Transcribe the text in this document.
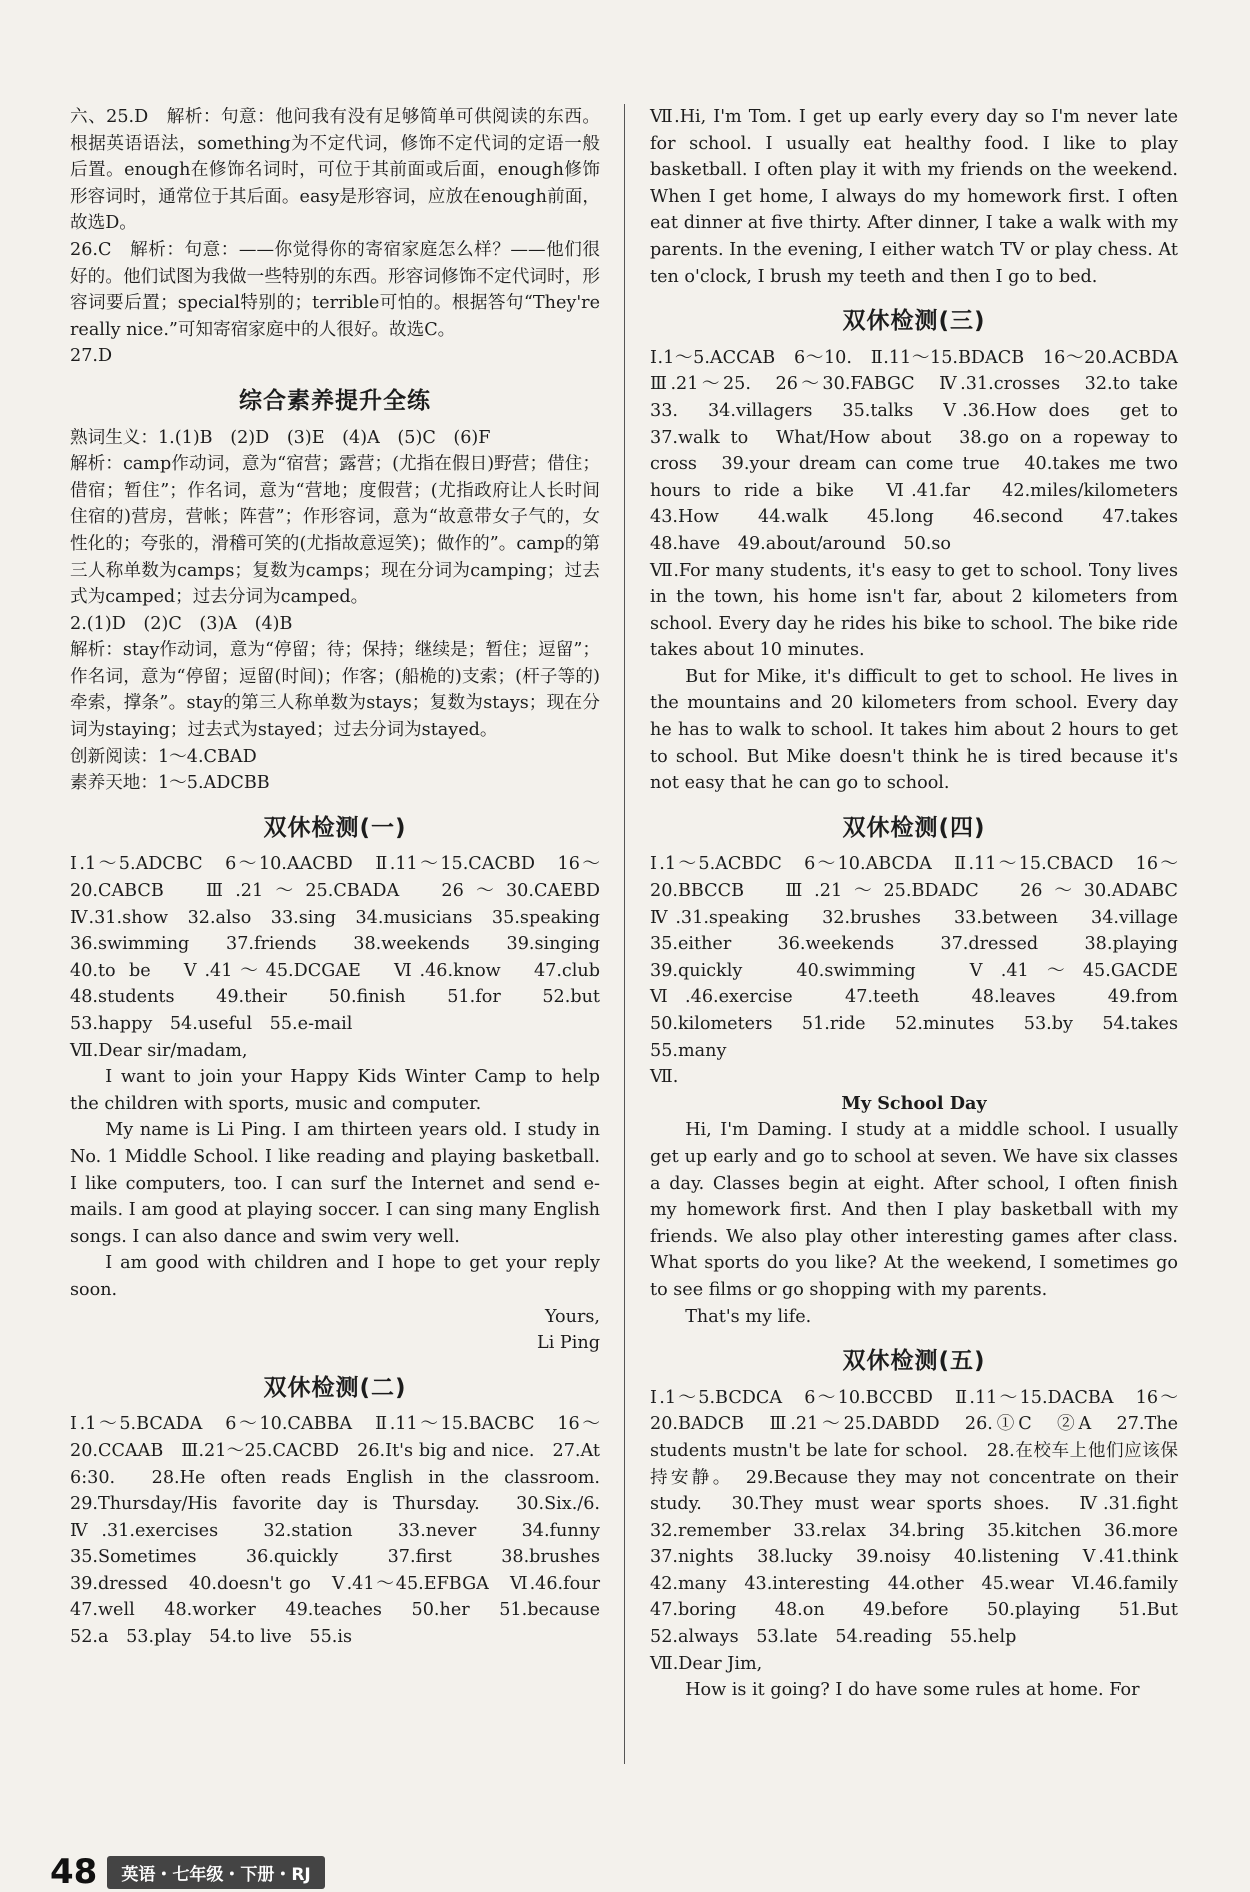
六、25.D　解析：句意：他问我有没有足够简单可供阅读的东西。根据英语语法，something为不定代词，修饰不定代词的定语一般后置。enough在修饰名词时，可位于其前面或后面，enough修饰形容词时，通常位于其后面。easy是形容词，应放在enough前面，故选D。

26.C　解析：句意：——你觉得你的寄宿家庭怎么样？——他们很好的。他们试图为我做一些特别的东西。形容词修饰不定代词时，形容词要后置；special特别的；terrible可怕的。根据答句“They're really nice.”可知寄宿家庭中的人很好。故选C。

27.D

综合素养提升全练

熟词生义：1.(1)B　(2)D　(3)E　(4)A　(5)C　(6)F

解析：camp作动词，意为“宿营；露营；(尤指在假日)野营；借住；借宿；暂住”；作名词，意为“营地；度假营；(尤指政府让人长时间住宿的)营房，营帐；阵营”；作形容词，意为“故意带女子气的，女性化的；夸张的，滑稽可笑的(尤指故意逗笑)；做作的”。camp的第三人称单数为camps；复数为camps；现在分词为camping；过去式为camped；过去分词为camped。

2.(1)D　(2)C　(3)A　(4)B

解析：stay作动词，意为“停留；待；保持；继续是；暂住；逗留”；作名词，意为“停留；逗留(时间)；作客；(船桅的)支索；(杆子等的)牵索，撑条”。stay的第三人称单数为stays；复数为stays；现在分词为staying；过去式为stayed；过去分词为stayed。

创新阅读：1～4.CBAD

素养天地：1～5.ADCBB

双休检测(一)

Ⅰ.1～5.ADCBC　6～10.AACBD　Ⅱ.11～15.CACBD　16～20.CABCB　Ⅲ.21～25.CBADA　26～30.CAEBD　Ⅳ.31.show　32.also　33.sing　34.musicians　35.speaking　36.swimming　37.friends　38.weekends　39.singing　40.to be　Ⅴ.41～45.DCGAE　Ⅵ.46.know　47.club　48.students　49.their　50.finish　51.for　52.but　53.happy　54.useful　55.e-mail

Ⅶ.Dear sir/madam,

I want to join your Happy Kids Winter Camp to help the children with sports, music and computer.

My name is Li Ping. I am thirteen years old. I study in No. 1 Middle School. I like reading and playing basketball. I like computers, too. I can surf the Internet and send e-mails. I am good at playing soccer. I can sing many English songs. I can also dance and swim very well.

I am good with children and I hope to get your reply soon.

Yours,

Li Ping

双休检测(二)

Ⅰ.1～5.BCADA　6～10.CABBA　Ⅱ.11～15.BACBC　16～20.CCAAB　Ⅲ.21～25.CACBD　26.It's big and nice.　27.At 6:30.　28.He often reads English in the classroom.　29.Thursday/His favorite day is Thursday.　30.Six./6.　Ⅳ.31.exercises　32.station　33.never　34.funny　35.Sometimes　36.quickly　37.first　38.brushes　39.dressed　40.doesn't go　Ⅴ.41～45.EFBGA　Ⅵ.46.four　47.well　48.worker　49.teaches　50.her　51.because　52.a　53.play　54.to live　55.is

Ⅶ.Hi, I'm Tom. I get up early every day so I'm never late for school. I usually eat healthy food. I like to play basketball. I often play it with my friends on the weekend. When I get home, I always do my homework first. I often eat dinner at five thirty. After dinner, I take a walk with my parents. In the evening, I either watch TV or play chess. At ten o'clock, I brush my teeth and then I go to bed.

双休检测(三)

Ⅰ.1～5.ACCAB　6～10.　Ⅱ.11～15.BDACB　16～20.ACBDA　Ⅲ.21～25.　26～30.FABGC　Ⅳ.31.crosses　32.to take　33.　34.villagers　35.talks　Ⅴ.36.How does　get to　37.walk to　What/How about　38.go on a ropeway to cross　39.your dream can come true　40.takes me two hours to ride a bike　Ⅵ.41.far　42.miles/kilometers　43.How　44.walk　45.long　46.second　47.takes　48.have　49.about/around　50.so

Ⅶ.For many students, it's easy to get to school. Tony lives in the town, his home isn't far, about 2 kilometers from school. Every day he rides his bike to school. The bike ride takes about 10 minutes.

But for Mike, it's difficult to get to school. He lives in the mountains and 20 kilometers from school. Every day he has to walk to school. It takes him about 2 hours to get to school. But Mike doesn't think he is tired because it's not easy that he can go to school.

双休检测(四)

Ⅰ.1～5.ACBDC　6～10.ABCDA　Ⅱ.11～15.CBACD　16～20.BBCCB　Ⅲ.21～25.BDADC　26～30.ADABC　Ⅳ.31.speaking　32.brushes　33.between　34.village　35.either　36.weekends　37.dressed　38.playing　39.quickly　40.swimming　Ⅴ.41～45.GACDE　Ⅵ.46.exercise　47.teeth　48.leaves　49.from　50.kilometers　51.ride　52.minutes　53.by　54.takes　55.many

Ⅶ.

My School Day

Hi, I'm Daming. I study at a middle school. I usually get up early and go to school at seven. We have six classes a day. Classes begin at eight. After school, I often finish my homework first. And then I play basketball with my friends. We also play other interesting games after class. What sports do you like? At the weekend, I sometimes go to see films or go shopping with my parents.

That's my life.

双休检测(五)

Ⅰ.1～5.BCDCA　6～10.BCCBD　Ⅱ.11～15.DACBA　16～20.BADCB　Ⅲ.21～25.DABDD　26.①C　②A　27.The students mustn't be late for school.　28.在校车上他们应该保持安静。　29.Because they may not concentrate on their study.　30.They must wear sports shoes.　Ⅳ.31.fight　32.remember　33.relax　34.bring　35.kitchen　36.more　37.nights　38.lucky　39.noisy　40.listening　Ⅴ.41.think　42.many　43.interesting　44.other　45.wear　Ⅵ.46.family　47.boring　48.on　49.before　50.playing　51.But　52.always　53.late　54.reading　55.help

Ⅶ.Dear Jim,

How is it going? I do have some rules at home. For

48	英语・七年级・下册・RJ
